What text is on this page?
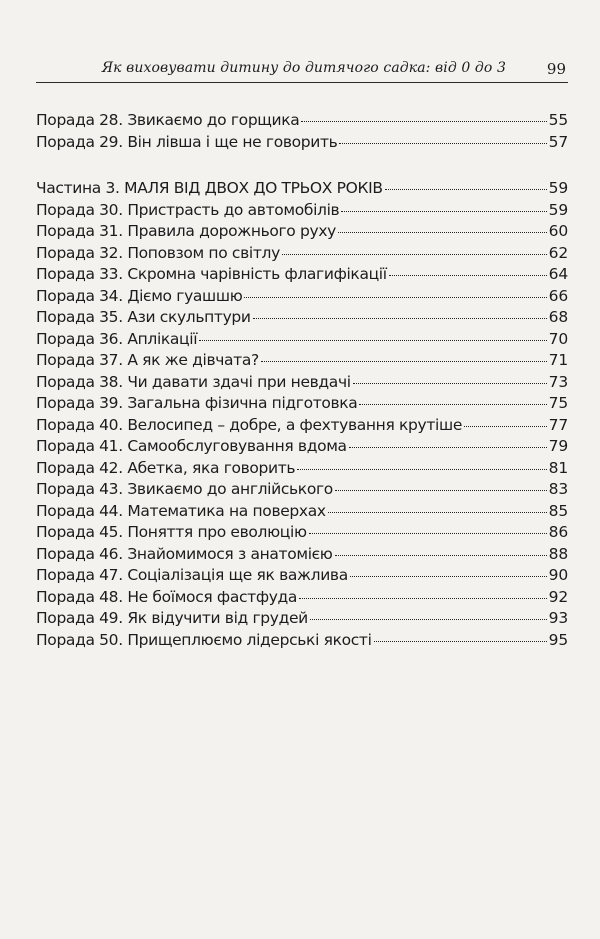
Як виховувати дитину до дитячого садка: від 0 до 3	99
Порада 28. Звикаємо до горщика	55
Порада 29. Він лівша і ще не говорить	57
Частина 3. МАЛЯ ВІД ДВОХ ДО ТРЬОХ РОКІВ	59
Порада 30. Пристрасть до автомобілів	59
Порада 31. Правила дорожнього руху	60
Порада 32. Поповзом по світлу	62
Порада 33. Скромна чарівність флагифікації	64
Порада 34. Діємо гуашшю	66
Порада 35. Ази скульптури	68
Порада 36. Аплікації	70
Порада 37. А як же дівчата?	71
Порада 38. Чи давати здачі при невдачі	73
Порада 39. Загальна фізична підготовка	75
Порада 40. Велосипед – добре, а фехтування крутіше	77
Порада 41. Самообслуговування вдома	79
Порада 42. Абетка, яка говорить	81
Порада 43. Звикаємо до англійського	83
Порада 44. Математика на поверхах	85
Порада 45. Поняття про еволюцію	86
Порада 46. Знайомимося з анатомією	88
Порада 47. Соціалізація ще як важлива	90
Порада 48. Не боїмося фастфуда	92
Порада 49. Як відучити від грудей	93
Порада 50. Прищеплюємо лідерські якості	95
